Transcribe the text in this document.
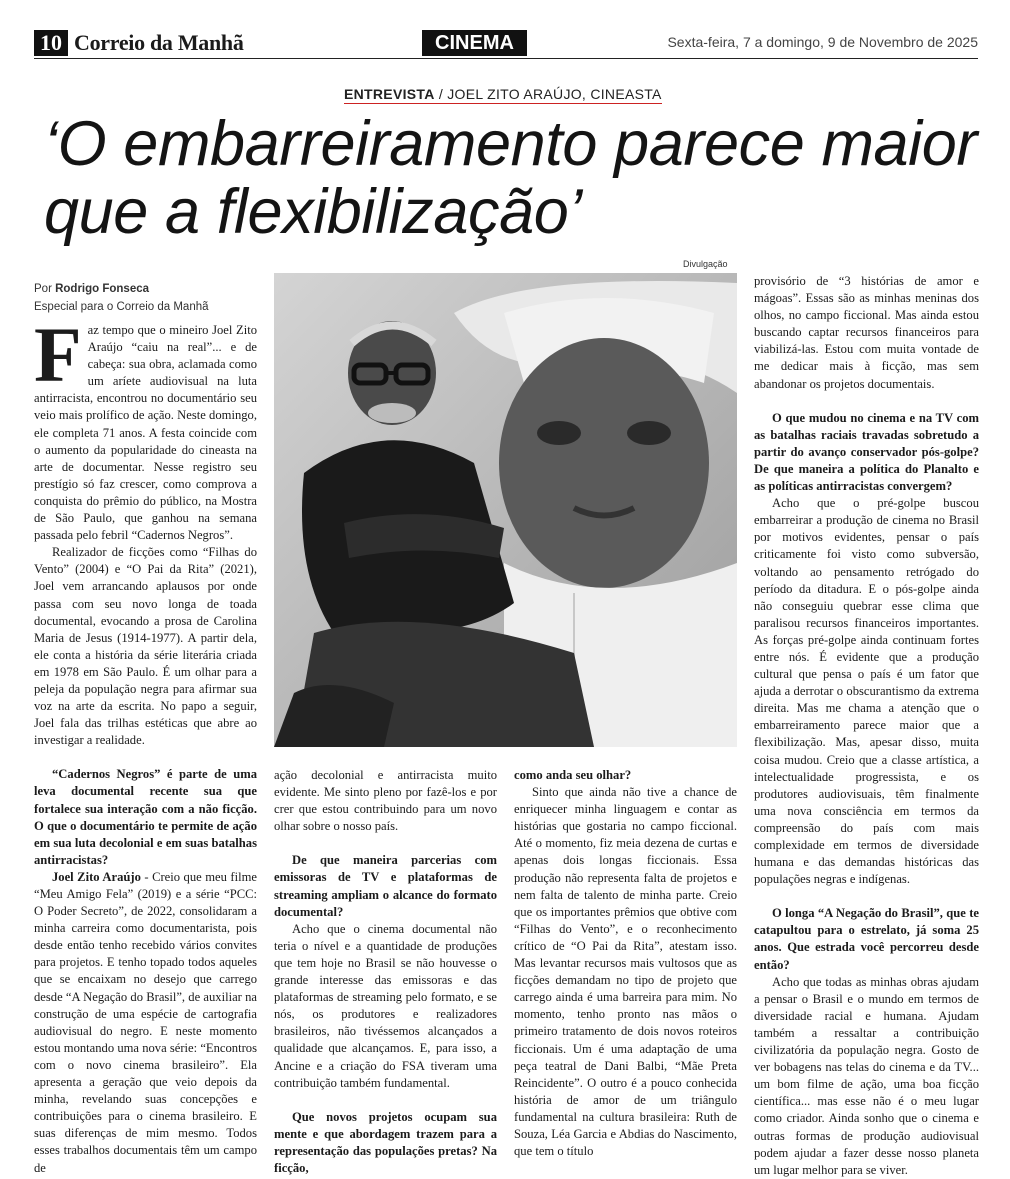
10 Correio da Manhã	CINEMA	Sexta-feira, 7 a domingo, 9 de Novembro de 2025
ENTREVISTA / JOEL ZITO ARAÚJO, CINEASTA
‘O embarreiramento parece maior que a flexibilização’
Por Rodrigo Fonseca
Especial para o Correio da Manhã
Divulgação

Faz tempo que o mineiro Joel Zito Araújo “caiu na real”... e de cabeça: sua obra, aclamada como um aríete audiovisual na luta antirracista, encontrou no documentário seu veio mais prolífico de ação. Neste domingo, ele completa 71 anos. A festa coincide com o aumento da popularidade do cineasta na arte de documentar. Nesse registro seu prestígio só faz crescer, como comprova a conquista do prêmio do público, na Mostra de São Paulo, que ganhou na semana passada pelo febril “Cadernos Negros”.

Realizador de ficções como “Filhas do Vento” (2004) e “O Pai da Rita” (2021), Joel vem arrancando aplausos por onde passa com seu novo longa de toada documental, evocando a prosa de Carolina Maria de Jesus (1914-1977). A partir dela, ele conta a história da série literária criada em 1978 em São Paulo. É um olhar para a peleja da população negra para afirmar sua voz na arte da escrita. No papo a seguir, Joel fala das trilhas estéticas que abre ao investigar a realidade.

“Cadernos Negros” é parte de uma leva documental recente sua que fortalece sua interação com a não ficção. O que o documentário te permite de ação em sua luta decolonial e em suas batalhas antirracistas?

Joel Zito Araújo - Creio que meu filme “Meu Amigo Fela” (2019) e a série “PCC: O Poder Secreto”, de 2022, consolidaram a minha carreira como documentarista, pois desde então tenho recebido vários convites para projetos. E tenho topado todos aqueles que se encaixam no desejo que carrego desde “A Negação do Brasil”, de auxiliar na construção de uma espécie de cartografia audiovisual do negro. E neste momento estou montando uma nova série: “Encontros com o novo cinema brasileiro”. Ela apresenta a geração que veio depois da minha, revelando suas concepções e contribuições para o cinema brasileiro. E suas diferenças de mim mesmo. Todos esses trabalhos documentais têm um campo de

ação decolonial e antirracista muito evidente. Me sinto pleno por fazê-los e por crer que estou contribuindo para um novo olhar sobre o nosso país.

De que maneira parcerias com emissoras de TV e plataformas de streaming ampliam o alcance do formato documental?

Acho que o cinema documental não teria o nível e a quantidade de produções que tem hoje no Brasil se não houvesse o grande interesse das emissoras e das plataformas de streaming pelo formato, e se nós, os produtores e realizadores brasileiros, não tivéssemos alcançados a qualidade que alcançamos. E, para isso, a Ancine e a criação do FSA tiveram uma contribuição também fundamental.

Que novos projetos ocupam sua mente e que abordagem trazem para a representação das populações pretas? Na ficção,

como anda seu olhar?

Sinto que ainda não tive a chance de enriquecer minha linguagem e contar as histórias que gostaria no campo ficcional. Até o momento, fiz meia dezena de curtas e apenas dois longas ficcionais. Essa produção não representa falta de projetos e nem falta de talento de minha parte. Creio que os importantes prêmios que obtive com “Filhas do Vento”, e o reconhecimento crítico de “O Pai da Rita”, atestam isso. Mas levantar recursos mais vultosos que as ficções demandam no tipo de projeto que carrego ainda é uma barreira para mim. No momento, tenho pronto nas mãos o primeiro tratamento de dois novos roteiros ficcionais. Um é uma adaptação de uma peça teatral de Dani Balbi, “Mãe Preta Reincidente”. O outro é a pouco conhecida história de amor de um triângulo fundamental na cultura brasileira: Ruth de Souza, Léa Garcia e Abdias do Nascimento, que tem o título

provisório de “3 histórias de amor e mágoas”. Essas são as minhas meninas dos olhos, no campo ficcional. Mas ainda estou buscando captar recursos financeiros para viabilizá-las. Estou com muita vontade de me dedicar mais à ficção, mas sem abandonar os projetos documentais.

O que mudou no cinema e na TV com as batalhas raciais travadas sobretudo a partir do avanço conservador pós-golpe? De que maneira a política do Planalto e as políticas antirracistas convergem?

Acho que o pré-golpe buscou embarreirar a produção de cinema no Brasil por motivos evidentes, pensar o país criticamente foi visto como subversão, voltando ao pensamento retrógado do período da ditadura. E o pós-golpe ainda não conseguiu quebrar esse clima que paralisou recursos financeiros importantes. As forças pré-golpe ainda continuam fortes entre nós. É evidente que a produção cultural que pensa o país é um fator que ajuda a derrotar o obscurantismo da extrema direita. Mas me chama a atenção que o embarreiramento parece maior que a flexibilização. Mas, apesar disso, muita coisa mudou. Creio que a classe artística, a intelectualidade progressista, e os produtores audiovisuais, têm finalmente uma nova consciência em termos da compreensão do país com mais complexidade em termos de diversidade humana e das demandas históricas das populações negras e indígenas.

O longa “A Negação do Brasil”, que te catapultou para o estrelato, já soma 25 anos. Que estrada você percorreu desde então?

Acho que todas as minhas obras ajudam a pensar o Brasil e o mundo em termos de diversidade racial e humana. Ajudam também a ressaltar a contribuição civilizatória da população negra. Gosto de ver bobagens nas telas do cinema e da TV... um bom filme de ação, uma boa ficção científica... mas esse não é o meu lugar como criador. Ainda sonho que o cinema e outras formas de produção audiovisual podem ajudar a fazer desse nosso planeta um lugar melhor para se viver.
